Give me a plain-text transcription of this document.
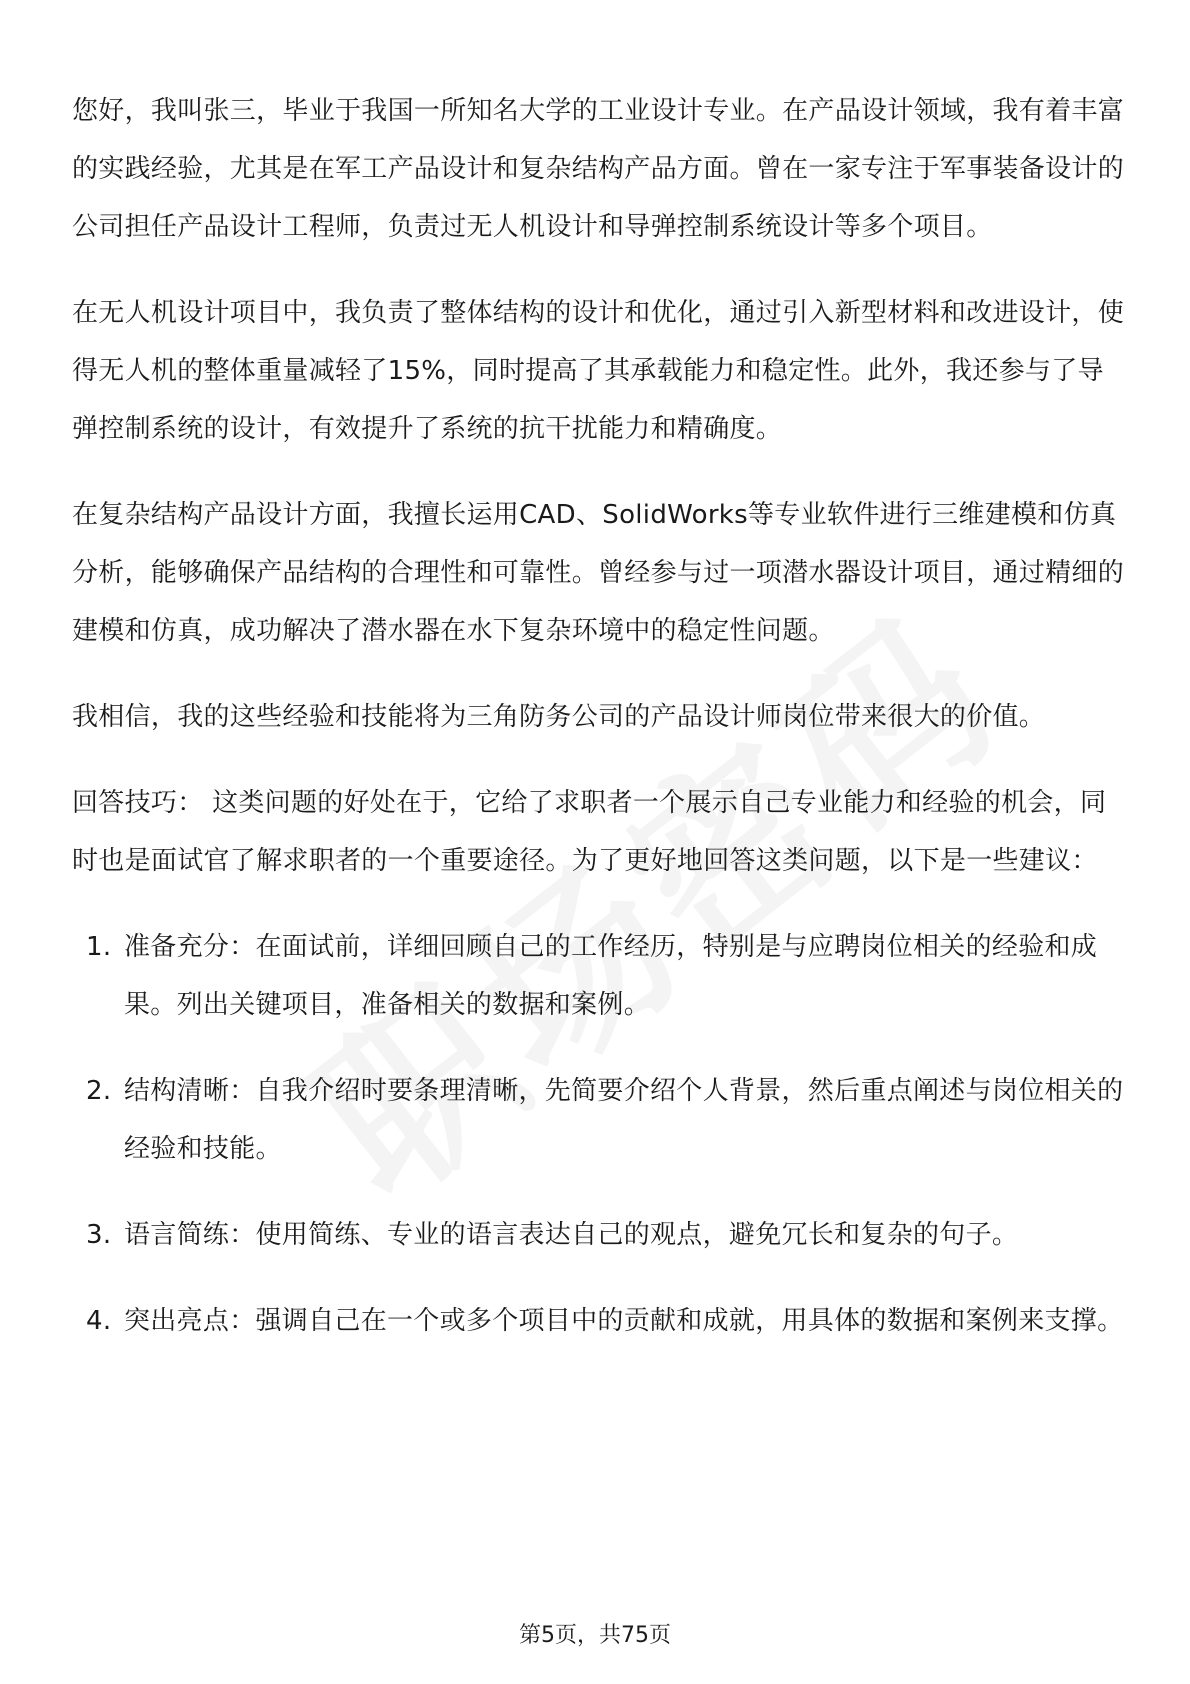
您好，我叫张三，毕业于我国一所知名大学的工业设计专业。在产品设计领域，我有着丰富的实践经验，尤其是在军工产品设计和复杂结构产品方面。曾在一家专注于军事装备设计的公司担任产品设计工程师，负责过无人机设计和导弹控制系统设计等多个项目。

在无人机设计项目中，我负责了整体结构的设计和优化，通过引入新型材料和改进设计，使得无人机的整体重量减轻了15%，同时提高了其承载能力和稳定性。此外，我还参与了导弹控制系统的设计，有效提升了系统的抗干扰能力和精确度。

在复杂结构产品设计方面，我擅长运用CAD、SolidWorks等专业软件进行三维建模和仿真分析，能够确保产品结构的合理性和可靠性。曾经参与过一项潜水器设计项目，通过精细的建模和仿真，成功解决了潜水器在水下复杂环境中的稳定性问题。

我相信，我的这些经验和技能将为三角防务公司的产品设计师岗位带来很大的价值。

回答技巧： 这类问题的好处在于，它给了求职者一个展示自己专业能力和经验的机会，同时也是面试官了解求职者的一个重要途径。为了更好地回答这类问题，以下是一些建议：

1. 准备充分：在面试前，详细回顾自己的工作经历，特别是与应聘岗位相关的经验和成果。列出关键项目，准备相关的数据和案例。
2. 结构清晰：自我介绍时要条理清晰，先简要介绍个人背景，然后重点阐述与岗位相关的经验和技能。
3. 语言简练：使用简练、专业的语言表达自己的观点，避免冗长和复杂的句子。
4. 突出亮点：强调自己在一个或多个项目中的贡献和成就，用具体的数据和案例来支撑。
第5页，共75页
